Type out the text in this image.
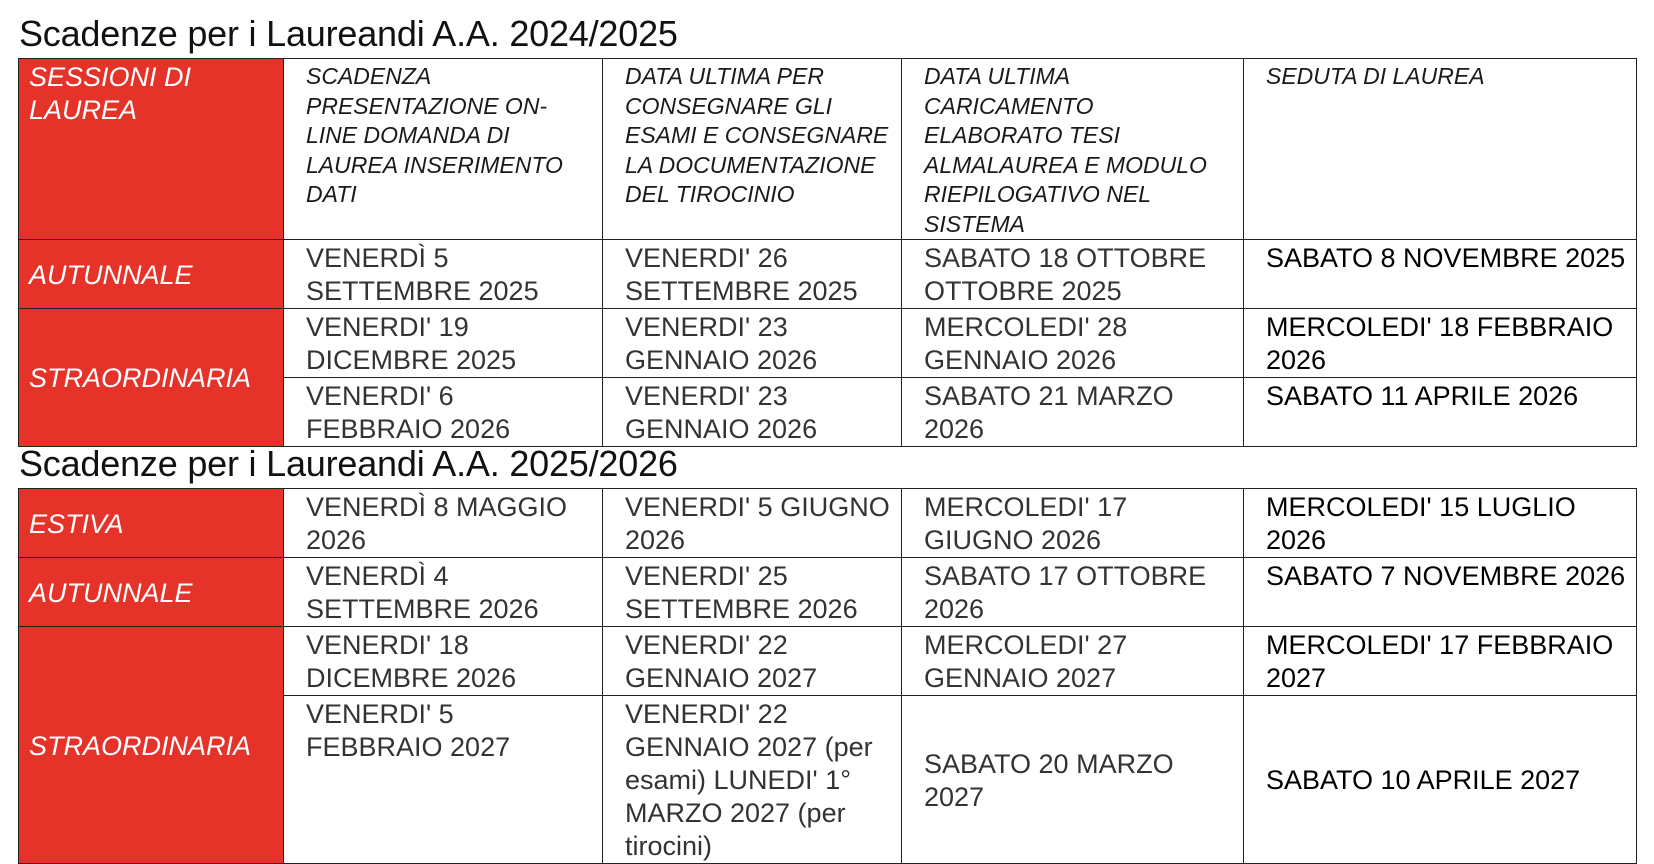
Scadenze per i Laureandi A.A. 2024/2025
SESSIONI DI LAUREA	SCADENZA PRESENTAZIONE ON-LINE DOMANDA DI LAUREA INSERIMENTO DATI	DATA ULTIMA PER CONSEGNARE GLI ESAMI E CONSEGNARE LA DOCUMENTAZIONE DEL TIROCINIO	DATA ULTIMA CARICAMENTO ELABORATO TESI ALMALAUREA E MODULO RIEPILOGATIVO NEL SISTEMA	SEDUTA DI LAUREA
AUTUNNALE	VENERDÌ 5 SETTEMBRE 2025	VENERDI' 26 SETTEMBRE 2025	SABATO 18 OTTOBRE OTTOBRE 2025	SABATO 8 NOVEMBRE 2025
STRAORDINARIA	VENERDI' 19 DICEMBRE 2025	VENERDI' 23 GENNAIO 2026	MERCOLEDI' 28 GENNAIO 2026	MERCOLEDI' 18 FEBBRAIO 2026
	VENERDI' 6 FEBBRAIO 2026	VENERDI' 23 GENNAIO 2026	SABATO 21 MARZO 2026	SABATO 11 APRILE 2026
Scadenze per i Laureandi A.A. 2025/2026
ESTIVA	VENERDÌ 8 MAGGIO 2026	VENERDI' 5 GIUGNO 2026	MERCOLEDI' 17 GIUGNO 2026	MERCOLEDI' 15 LUGLIO 2026
AUTUNNALE	VENERDÌ 4 SETTEMBRE 2026	VENERDI' 25 SETTEMBRE 2026	SABATO 17 OTTOBRE 2026	SABATO 7 NOVEMBRE 2026
STRAORDINARIA	VENERDI' 18 DICEMBRE 2026	VENERDI' 22 GENNAIO 2027	MERCOLEDI' 27 GENNAIO 2027	MERCOLEDI' 17 FEBBRAIO 2027
	VENERDI' 5 FEBBRAIO 2027	VENERDI' 22 GENNAIO 2027 (per esami) LUNEDI' 1° MARZO 2027 (per tirocini)	SABATO 20 MARZO 2027	SABATO 10 APRILE 2027
